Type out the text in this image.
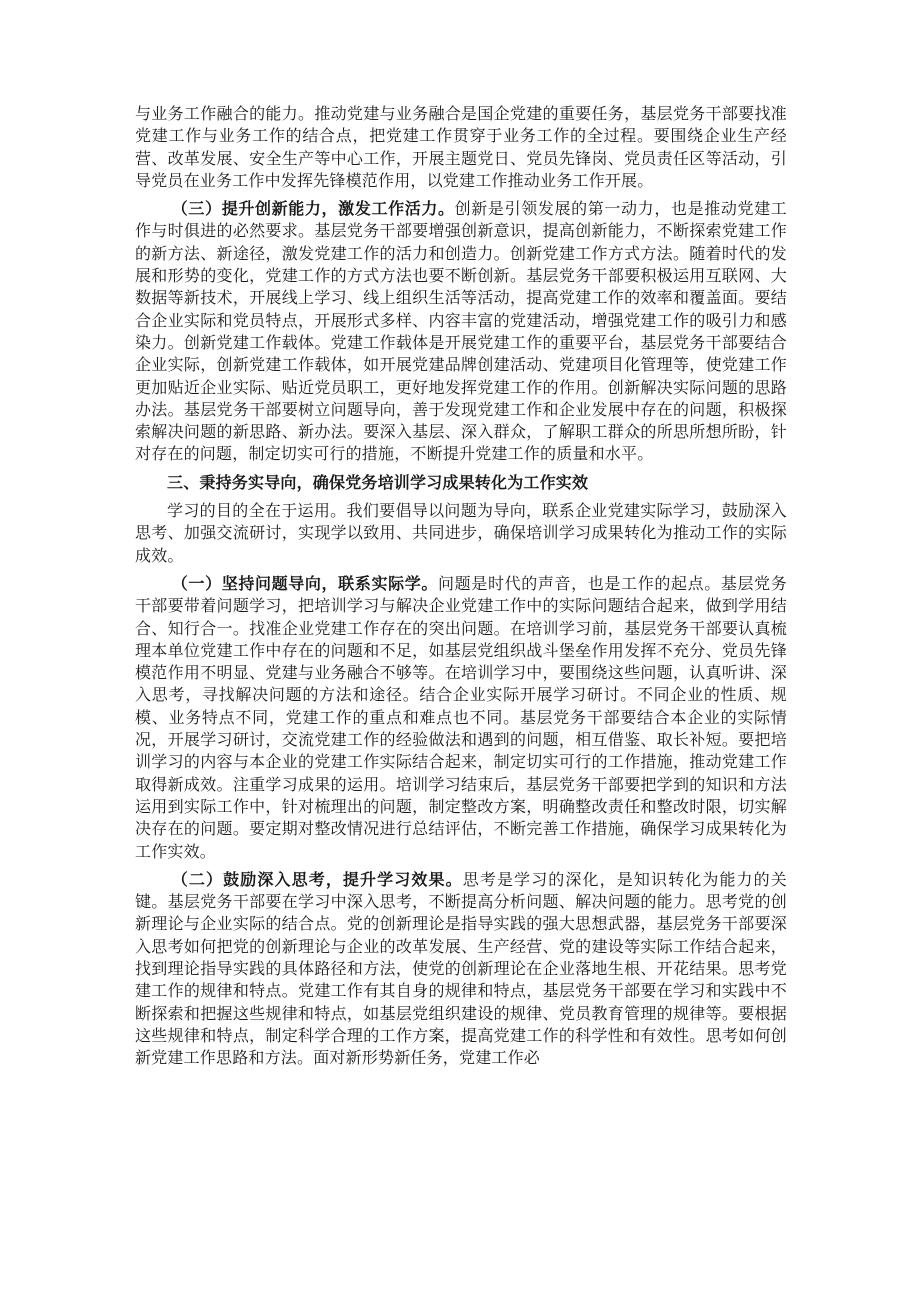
与业务工作融合的能力。推动党建与业务融合是国企党建的重要任务，基层党务干部要找准党建工作与业务工作的结合点，把党建工作贯穿于业务工作的全过程。要围绕企业生产经营、改革发展、安全生产等中心工作，开展主题党日、党员先锋岗、党员责任区等活动，引导党员在业务工作中发挥先锋模范作用，以党建工作推动业务工作开展。

（三）提升创新能力，激发工作活力。创新是引领发展的第一动力，也是推动党建工作与时俱进的必然要求。基层党务干部要增强创新意识，提高创新能力，不断探索党建工作的新方法、新途径，激发党建工作的活力和创造力。创新党建工作方式方法。随着时代的发展和形势的变化，党建工作的方式方法也要不断创新。基层党务干部要积极运用互联网、大数据等新技术，开展线上学习、线上组织生活等活动，提高党建工作的效率和覆盖面。要结合企业实际和党员特点，开展形式多样、内容丰富的党建活动，增强党建工作的吸引力和感染力。创新党建工作载体。党建工作载体是开展党建工作的重要平台，基层党务干部要结合企业实际，创新党建工作载体，如开展党建品牌创建活动、党建项目化管理等，使党建工作更加贴近企业实际、贴近党员职工，更好地发挥党建工作的作用。创新解决实际问题的思路办法。基层党务干部要树立问题导向，善于发现党建工作和企业发展中存在的问题，积极探索解决问题的新思路、新办法。要深入基层、深入群众，了解职工群众的所思所想所盼，针对存在的问题，制定切实可行的措施，不断提升党建工作的质量和水平。

三、秉持务实导向，确保党务培训学习成果转化为工作实效

学习的目的全在于运用。我们要倡导以问题为导向，联系企业党建实际学习，鼓励深入思考、加强交流研讨，实现学以致用、共同进步，确保培训学习成果转化为推动工作的实际成效。

（一）坚持问题导向，联系实际学。问题是时代的声音，也是工作的起点。基层党务干部要带着问题学习，把培训学习与解决企业党建工作中的实际问题结合起来，做到学用结合、知行合一。找准企业党建工作存在的突出问题。在培训学习前，基层党务干部要认真梳理本单位党建工作中存在的问题和不足，如基层党组织战斗堡垒作用发挥不充分、党员先锋模范作用不明显、党建与业务融合不够等。在培训学习中，要围绕这些问题，认真听讲、深入思考，寻找解决问题的方法和途径。结合企业实际开展学习研讨。不同企业的性质、规模、业务特点不同，党建工作的重点和难点也不同。基层党务干部要结合本企业的实际情况，开展学习研讨，交流党建工作的经验做法和遇到的问题，相互借鉴、取长补短。要把培训学习的内容与本企业的党建工作实际结合起来，制定切实可行的工作措施，推动党建工作取得新成效。注重学习成果的运用。培训学习结束后，基层党务干部要把学到的知识和方法运用到实际工作中，针对梳理出的问题，制定整改方案，明确整改责任和整改时限，切实解决存在的问题。要定期对整改情况进行总结评估，不断完善工作措施，确保学习成果转化为工作实效。

（二）鼓励深入思考，提升学习效果。思考是学习的深化，是知识转化为能力的关键。基层党务干部要在学习中深入思考，不断提高分析问题、解决问题的能力。思考党的创新理论与企业实际的结合点。党的创新理论是指导实践的强大思想武器，基层党务干部要深入思考如何把党的创新理论与企业的改革发展、生产经营、党的建设等实际工作结合起来，找到理论指导实践的具体路径和方法，使党的创新理论在企业落地生根、开花结果。思考党建工作的规律和特点。党建工作有其自身的规律和特点，基层党务干部要在学习和实践中不断探索和把握这些规律和特点，如基层党组织建设的规律、党员教育管理的规律等。要根据这些规律和特点，制定科学合理的工作方案，提高党建工作的科学性和有效性。思考如何创新党建工作思路和方法。面对新形势新任务，党建工作必
